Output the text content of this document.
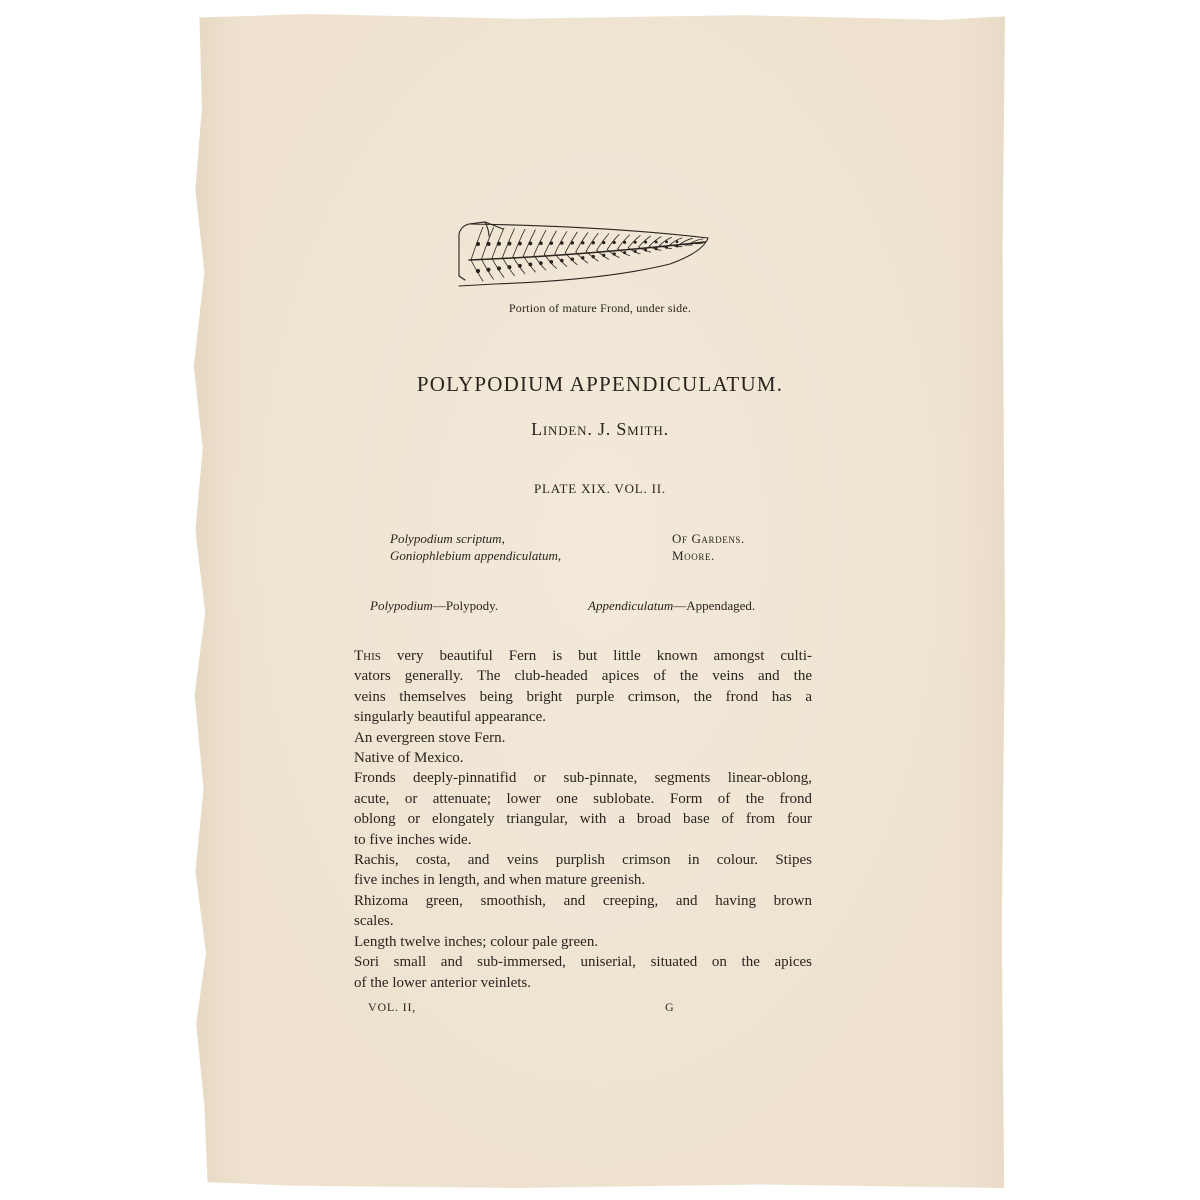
Portion of mature Frond, under side.
POLYPODIUM APPENDICULATUM.
Linden. J. Smith.
PLATE XIX. VOL. II.
Polypodium scriptum,	Of Gardens.
Goniophlebium appendiculatum,	Moore.
Polypodium—Polypody.	Appendiculatum—Appendaged.
This very beautiful Fern is but little known amongst culti-
vators generally. The club-headed apices of the veins and the
veins themselves being bright purple crimson, the frond has a
singularly beautiful appearance.
An evergreen stove Fern.
Native of Mexico.
Fronds deeply-pinnatifid or sub-pinnate, segments linear-oblong,
acute, or attenuate; lower one sublobate. Form of the frond
oblong or elongately triangular, with a broad base of from four
to five inches wide.
Rachis, costa, and veins purplish crimson in colour. Stipes
five inches in length, and when mature greenish.
Rhizoma green, smoothish, and creeping, and having brown
scales.
Length twelve inches; colour pale green.
Sori small and sub-immersed, uniserial, situated on the apices
of the lower anterior veinlets.
VOL. II,	G
